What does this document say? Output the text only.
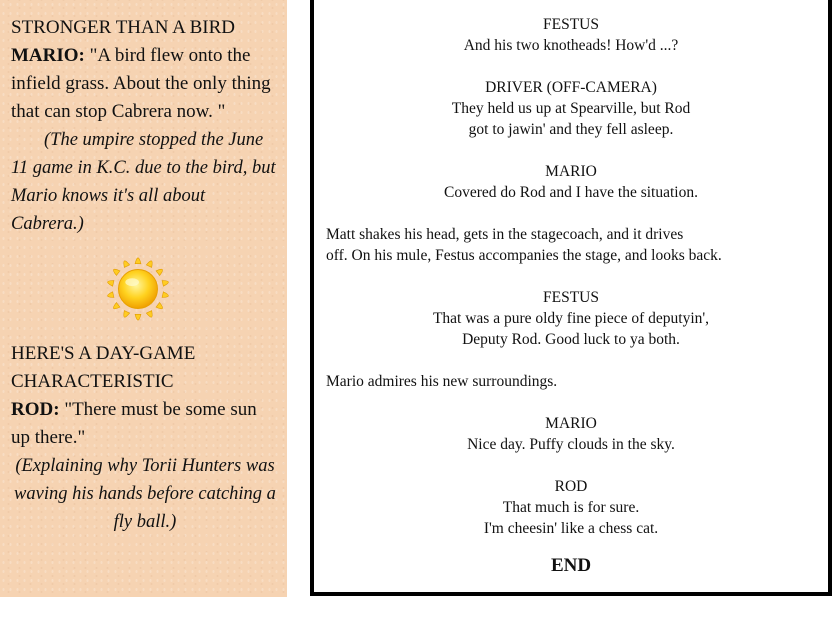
STRONGER THAN A BIRD

MARIO: "A bird flew onto the infield grass. About the only thing that can stop Cabrera now. "

(The umpire stopped the June 11 game in K.C. due to the bird, but Mario knows it's all about Cabrera.)

HERE'S A DAY-GAME CHARACTERISTIC

ROD: "There must be some sun up there."

(Explaining why Torii Hunters was waving his hands before catching a fly ball.)

FESTUS
And his two knotheads! How'd ...?

DRIVER (OFF-CAMERA)
They held us up at Spearville, but Rod
got to jawin' and they fell asleep.

MARIO
Covered do Rod and I have the situation.

Matt shakes his head, gets in the stagecoach, and it drives
off. On his mule, Festus accompanies the stage, and looks back.

FESTUS
That was a pure oldy fine piece of deputyin',
Deputy Rod. Good luck to ya both.

Mario admires his new surroundings.

MARIO
Nice day. Puffy clouds in the sky.

ROD
That much is for sure.
I'm cheesin' like a chess cat.

END
